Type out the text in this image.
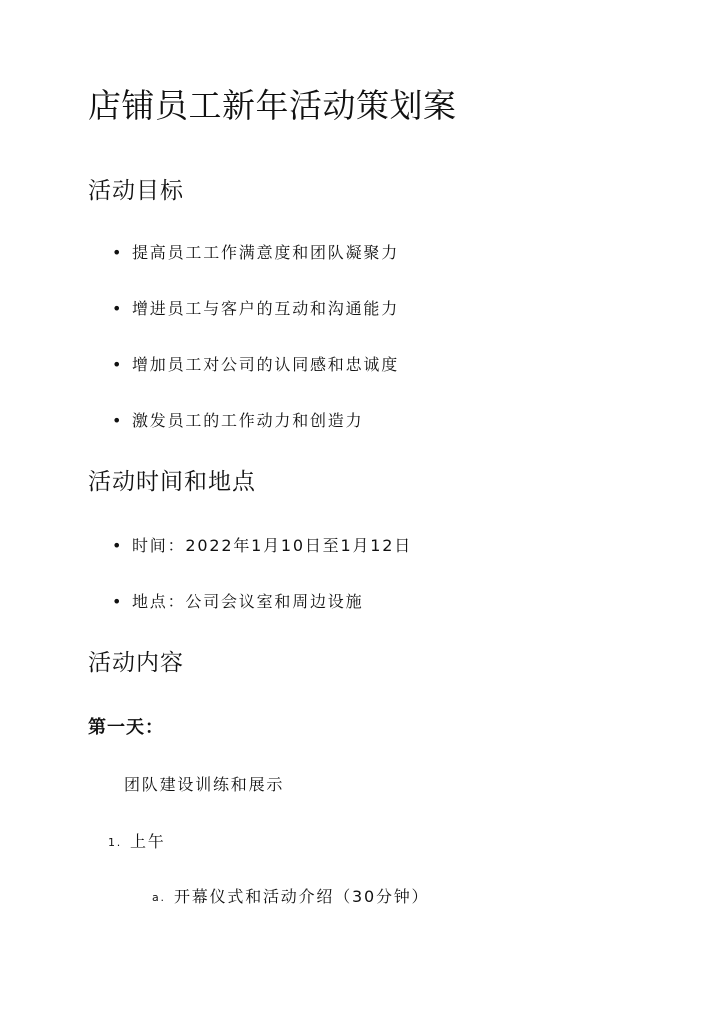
店铺员工新年活动策划案
活动目标
• 提高员工工作满意度和团队凝聚力
• 增进员工与客户的互动和沟通能力
• 增加员工对公司的认同感和忠诚度
• 激发员工的工作动力和创造力
活动时间和地点
• 时间：2022年1月10日至1月12日
• 地点：公司会议室和周边设施
活动内容
第一天：
团队建设训练和展示
1. 上午
a. 开幕仪式和活动介绍（30分钟）
